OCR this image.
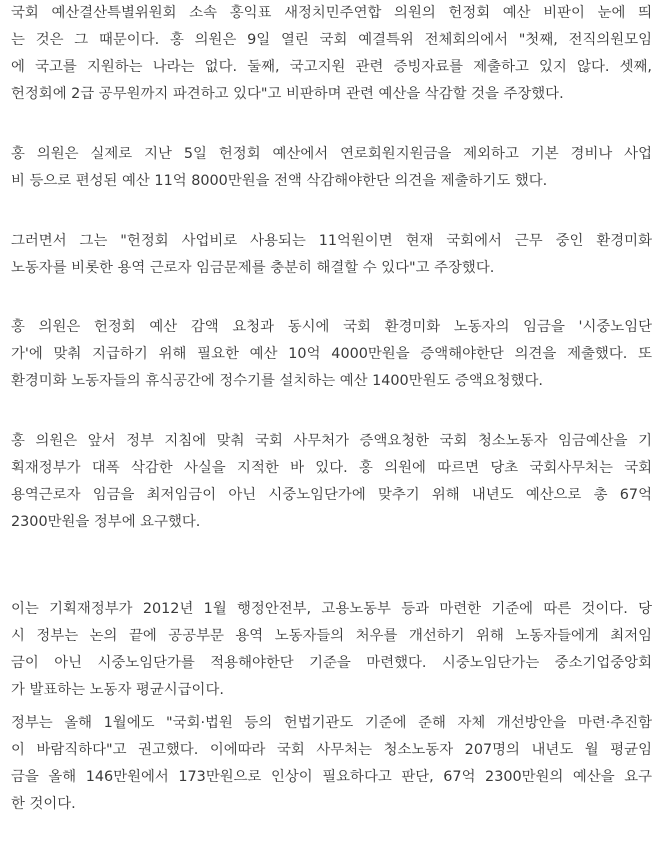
국회 예산결산특별위원회 소속 홍익표 새정치민주연합 의원의 헌정회 예산 비판이 눈에 띄
는 것은 그 때문이다. 홍 의원은 9일 열린 국회 예결특위 전체회의에서 "첫째, 전직의원모임
에 국고를 지원하는 나라는 없다. 둘째, 국고지원 관련 증빙자료를 제출하고 있지 않다. 셋째,
헌정회에 2급 공무원까지 파견하고 있다"고 비판하며 관련 예산을 삭감할 것을 주장했다.
홍 의원은 실제로 지난 5일 헌정회 예산에서 연로회원지원금을 제외하고 기본 경비나 사업
비 등으로 편성된 예산 11억 8000만원을 전액 삭감해야한단 의견을 제출하기도 했다.
그러면서 그는 "헌정회 사업비로 사용되는 11억원이면 현재 국회에서 근무 중인 환경미화
노동자를 비롯한 용역 근로자 임금문제를 충분히 해결할 수 있다"고 주장했다.
홍 의원은 헌정회 예산 감액 요청과 동시에 국회 환경미화 노동자의 임금을 '시중노임단
가'에 맞춰 지급하기 위해 필요한 예산 10억 4000만원을 증액해야한단 의견을 제출했다. 또
환경미화 노동자들의 휴식공간에 정수기를 설치하는 예산 1400만원도 증액요청했다.
홍 의원은 앞서 정부 지침에 맞춰 국회 사무처가 증액요청한 국회 청소노동자 임금예산을 기
획재정부가 대폭 삭감한 사실을 지적한 바 있다. 홍 의원에 따르면 당초 국회사무처는 국회
용역근로자 임금을 최저임금이 아닌 시중노임단가에 맞추기 위해 내년도 예산으로 총 67억
2300만원을 정부에 요구했다.
이는 기획재정부가 2012년 1월 행정안전부, 고용노동부 등과 마련한 기준에 따른 것이다. 당
시 정부는 논의 끝에 공공부문 용역 노동자들의 처우를 개선하기 위해 노동자들에게 최저임
금이 아닌 시중노임단가를 적용해야한단 기준을 마련했다. 시중노임단가는 중소기업중앙회
가 발표하는 노동자 평균시급이다.
정부는 올해 1월에도 "국회·법원 등의 헌법기관도 기준에 준해 자체 개선방안을 마련·추진함
이 바람직하다"고 권고했다. 이에따라 국회 사무처는 청소노동자 207명의 내년도 월 평균임
금을 올해 146만원에서 173만원으로 인상이 필요하다고 판단, 67억 2300만원의 예산을 요구
한 것이다.
